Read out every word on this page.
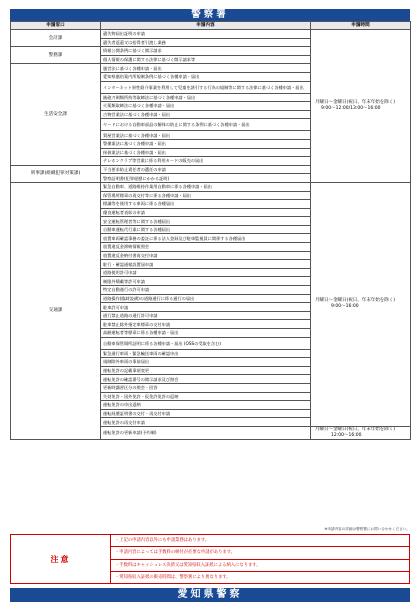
警察署
申請窓口	申請内容	申請時間
会計課	遺失物届出証明の申請	月曜日～金曜日(祝日、年末年始を除く)
9:00～12:00/13:00～16:00

	遺失者返還又は拾得者引渡し業務	
警務課	情報公開条例に基づく開示請求	
	個人情報の保護に関する法律に基づく開示請求等	
生活安全課	風営法に基づく各種申請・届出	
	愛知県風俗案内所規制条例に基づく各種申請・届出	
	インターネット異性紹介事業を利用して児童を誘引する行為の規制等に関する法律に基づく各種申請・届出	
	銃砲刀剣類所持等取締法に基づく各種申請・届出	
	火薬類取締法に基づく各種申請・届出	
	古物営業法に基づく各種申請・届出	
	ヤードにおける自動車部品の解体の防止に関する条例に基づく各種申請・届出	
	質屋営業法に基づく各種申請・届出	
	警備業法に基づく各種申請・届出	
	探偵業法に基づく各種申請・届出	
	テレホンクラブ等営業に係る利用カードの販売の届出	
刑事課(組織犯罪対策課)	不当要求防止責任者の選任の申請	
	警察証明書(犯罪経歴にかかる証明)	
交通課	緊急自動車、道路維持作業用自動車に係る各種申請・届出	月曜日～金曜日(祝日、年末年始を除く)
9:00～16:00

	保管場所標章の再交付等に係る各種申請・届出	
	標識等を使用する車両に係る各種届出	
	優良運転者表彰の申請	
	安全運転管理者等に関する各種届出	
	自動車運転代行業に関する各種届出	
	放置車両確認事務の委託に係る法人登録及び駐車監視員に関係する各種届出	
	放置違反金滞納情報照会	
	放置違反金納付書再交付申請	
	駐行・確認通報設置届申請	
	道路使用許可申請	
	制限外積載等許可申請	
	特定自動運行の許可申請	
	道路操作(臨時設備)の道路通行に係る通行の届出	
	駐車許可申請	
	通行禁止道路の通行許可申請	
	駐車禁止除外指定車標章の交付申請	
	高齢運転者等標章に係る各種申請・届出	
	自動車保管場所証明に係る各種申請・届出 (OSSの受取を含む)	
	緊急通行車両・緊急輸送車両の確認申出	
	規制除外車両の事前届出	
	運転免許の記載事項変更	
	運転免許の確認番号の開示請求及び照会	
	更新時講習区分の照会・回答	
	失効免許・国外免許・仮免許免許の返納	
	運転免許の申出返納	
	運転経歴証明書の交付・再交付申請	
	運転免許の再交付申請	
	運転免許の更新申請(予約制)	月曜日～金曜日(祝日、年末年始を除く)
12:00～16:00
※申請内容の詳細は警察署にお問い合わせください。
注意
・上記の申請内容以外にも申請業務はあります。
・申請内容によっては手数料の納付が必要な申請があります。
・手数料はキャッシュレス決済又は愛知県収入証紙による納入になります。
・愛知県収入証紙の販売時間は、警察署により異なります。
愛知県警察
